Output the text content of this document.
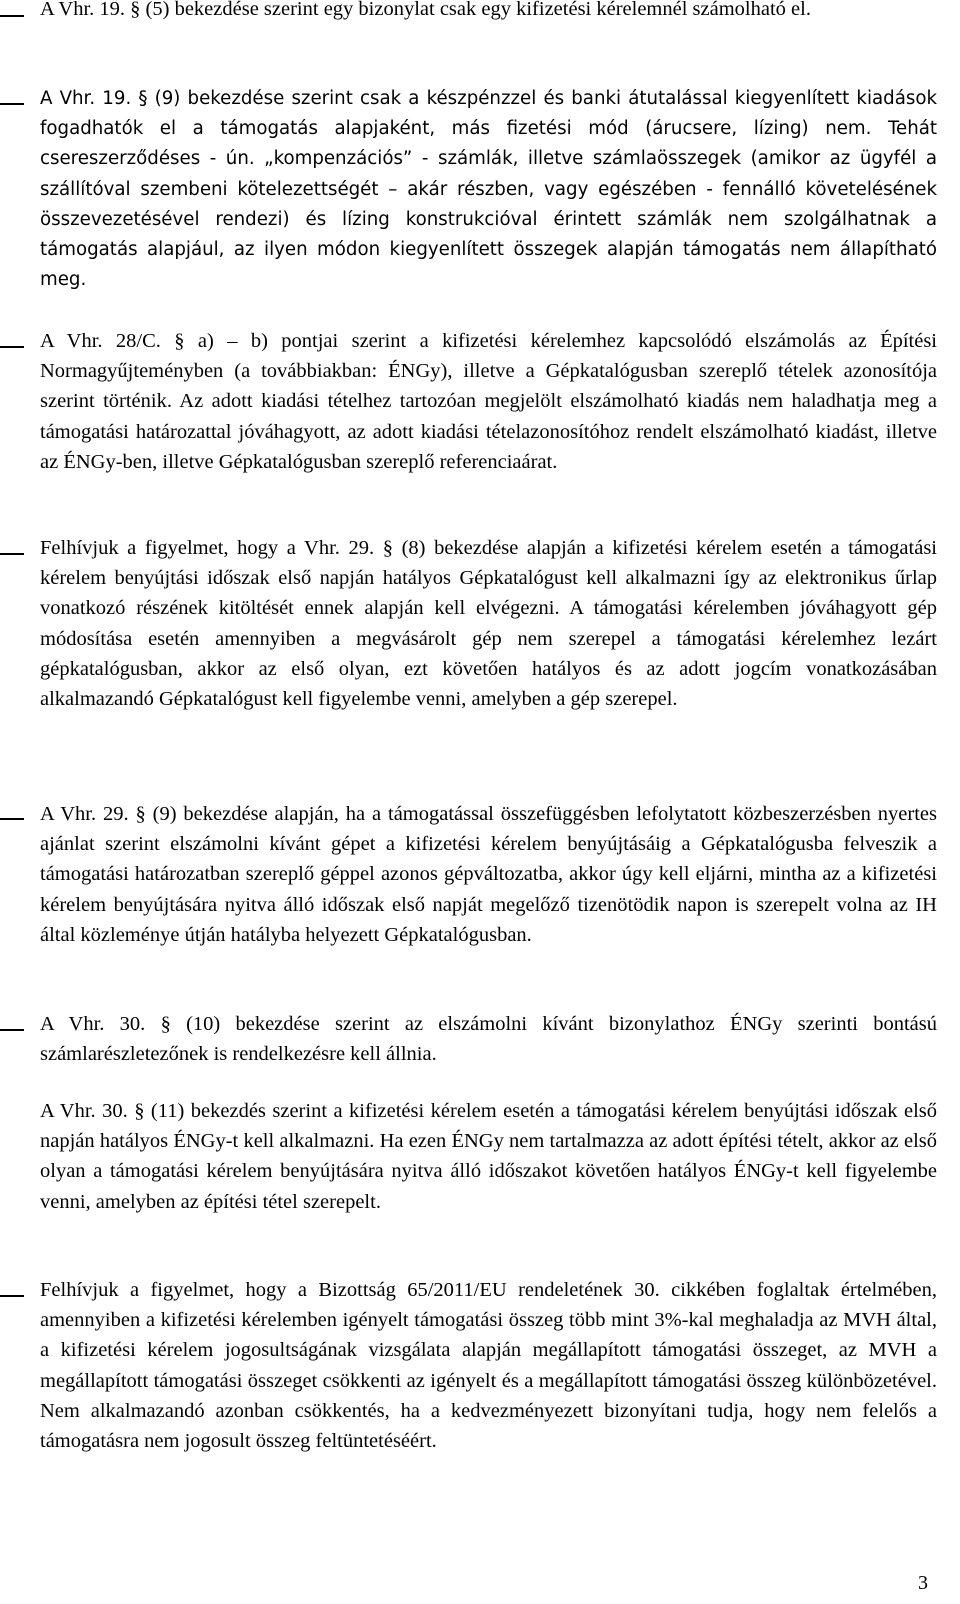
A Vhr. 19. § (5) bekezdése szerint egy bizonylat csak egy kifizetési kérelemnél számolható el.
A Vhr. 19. § (9) bekezdése szerint csak a készpénzzel és banki átutalással kiegyenlített kiadások fogadhatók el a támogatás alapjaként, más fizetési mód (árucsere, lízing) nem. Tehát csereszerződéses - ún. „kompenzációs” - számlák, illetve számlaösszegek (amikor az ügyfél a szállítóval szembeni kötelezettségét – akár részben, vagy egészében - fennálló követelésének összevezetésével rendezi) és lízing konstrukcióval érintett számlák nem szolgálhatnak a támogatás alapjául, az ilyen módon kiegyenlített összegek alapján támogatás nem állapítható meg.
A Vhr. 28/C. § a) – b) pontjai szerint a kifizetési kérelemhez kapcsolódó elszámolás az Építési Normagyűjteményben (a továbbiakban: ÉNGy), illetve a Gépkatalógusban szereplő tételek azonosítója szerint történik. Az adott kiadási tételhez tartozóan megjelölt elszámolható kiadás nem haladhatja meg a támogatási határozattal jóváhagyott, az adott kiadási tételazonosítóhoz rendelt elszámolható kiadást, illetve az ÉNGy-ben, illetve Gépkatalógusban szereplő referenciaárat.
Felhívjuk a figyelmet, hogy a Vhr. 29. § (8) bekezdése alapján a kifizetési kérelem esetén a támogatási kérelem benyújtási időszak első napján hatályos Gépkatalógust kell alkalmazni így az elektronikus űrlap vonatkozó részének kitöltését ennek alapján kell elvégezni. A támogatási kérelemben jóváhagyott gép módosítása esetén amennyiben a megvásárolt gép nem szerepel a támogatási kérelemhez lezárt gépkatalógusban, akkor az első olyan, ezt követően hatályos és az adott jogcím vonatkozásában alkalmazandó Gépkatalógust kell figyelembe venni, amelyben a gép szerepel.
A Vhr. 29. § (9) bekezdése alapján, ha a támogatással összefüggésben lefolytatott közbeszerzésben nyertes ajánlat szerint elszámolni kívánt gépet a kifizetési kérelem benyújtásáig a Gépkatalógusba felveszik a támogatási határozatban szereplő géppel azonos gépváltozatba, akkor úgy kell eljárni, mintha az a kifizetési kérelem benyújtására nyitva álló időszak első napját megelőző tizenötödik napon is szerepelt volna az IH által közleménye útján hatályba helyezett Gépkatalógusban.
A Vhr. 30. § (10) bekezdése szerint az elszámolni kívánt bizonylathoz ÉNGy szerinti bontású számlarészletezőnek is rendelkezésre kell állnia.
A Vhr. 30. § (11) bekezdés szerint a kifizetési kérelem esetén a támogatási kérelem benyújtási időszak első napján hatályos ÉNGy-t kell alkalmazni. Ha ezen ÉNGy nem tartalmazza az adott építési tételt, akkor az első olyan a támogatási kérelem benyújtására nyitva álló időszakot követően hatályos ÉNGy-t kell figyelembe venni, amelyben az építési tétel szerepelt.
Felhívjuk a figyelmet, hogy a Bizottság 65/2011/EU rendeletének 30. cikkében foglaltak értelmében, amennyiben a kifizetési kérelemben igényelt támogatási összeg több mint 3%-kal meghaladja az MVH által, a kifizetési kérelem jogosultságának vizsgálata alapján megállapított támogatási összeget, az MVH a megállapított támogatási összeget csökkenti az igényelt és a megállapított támogatási összeg különbözetével. Nem alkalmazandó azonban csökkentés, ha a kedvezményezett bizonyítani tudja, hogy nem felelős a támogatásra nem jogosult összeg feltüntetéséért.
3
